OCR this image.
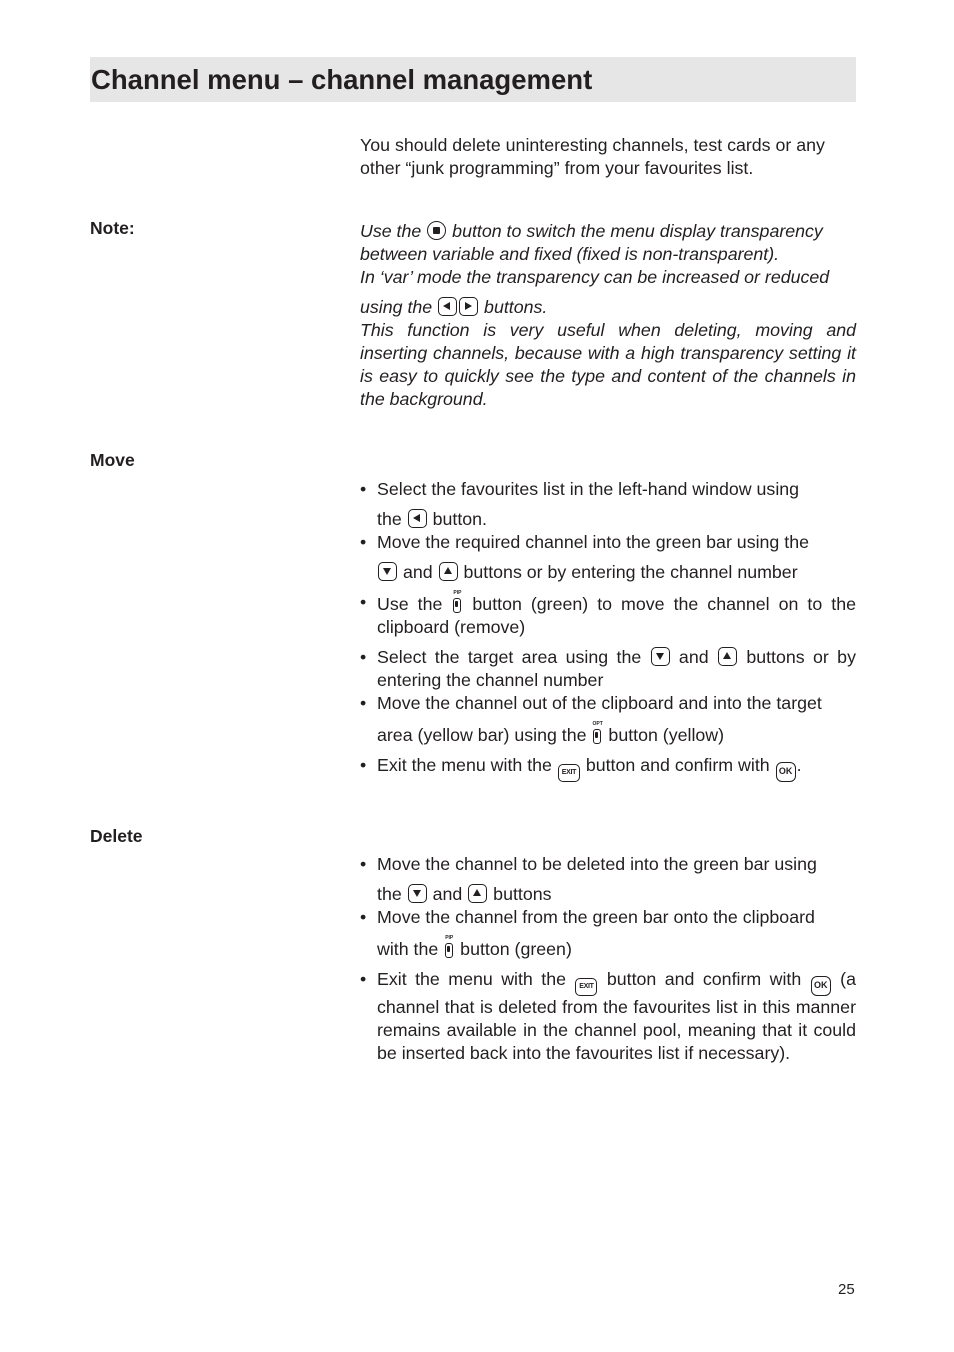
Channel menu – channel management

You should delete uninteresting channels, test cards or any other “junk programming” from your favourites list.

Note:	Use the
button to switch the menu display transparency
between variable and fixed (fixed is non-transparent).
In ‘var’ mode the transparency can be increased or reduced
using the
buttons.
This function is very useful when deleting, moving and inserting channels, because with a high transparency setting it is easy to quickly see the type and content of the channels in the background.
Move
• Select the favourites list in the left-hand window using
the
button.
• Move the required channel into the green bar using the
and
buttons or by entering the channel number
• Use the
PIP
button (green) to move the channel on to the clipboard (remove)
• Select the target area using the
and
buttons or by entering the channel number
• Move the channel out of the clipboard and into the target
area (yellow bar) using the
OPT
button (yellow)
• Exit the menu with the EXIT button and confirm with OK .
Delete
• Move the channel to be deleted into the green bar using
the
and
buttons
• Move the channel from the green bar onto the clipboard
with the
PIP
button (green)
• Exit the menu with the EXIT button and confirm with OK (a channel that is deleted from the favourites list in this manner remains available in the channel pool, meaning that it could be inserted back into the favourites list if necessary).
25
